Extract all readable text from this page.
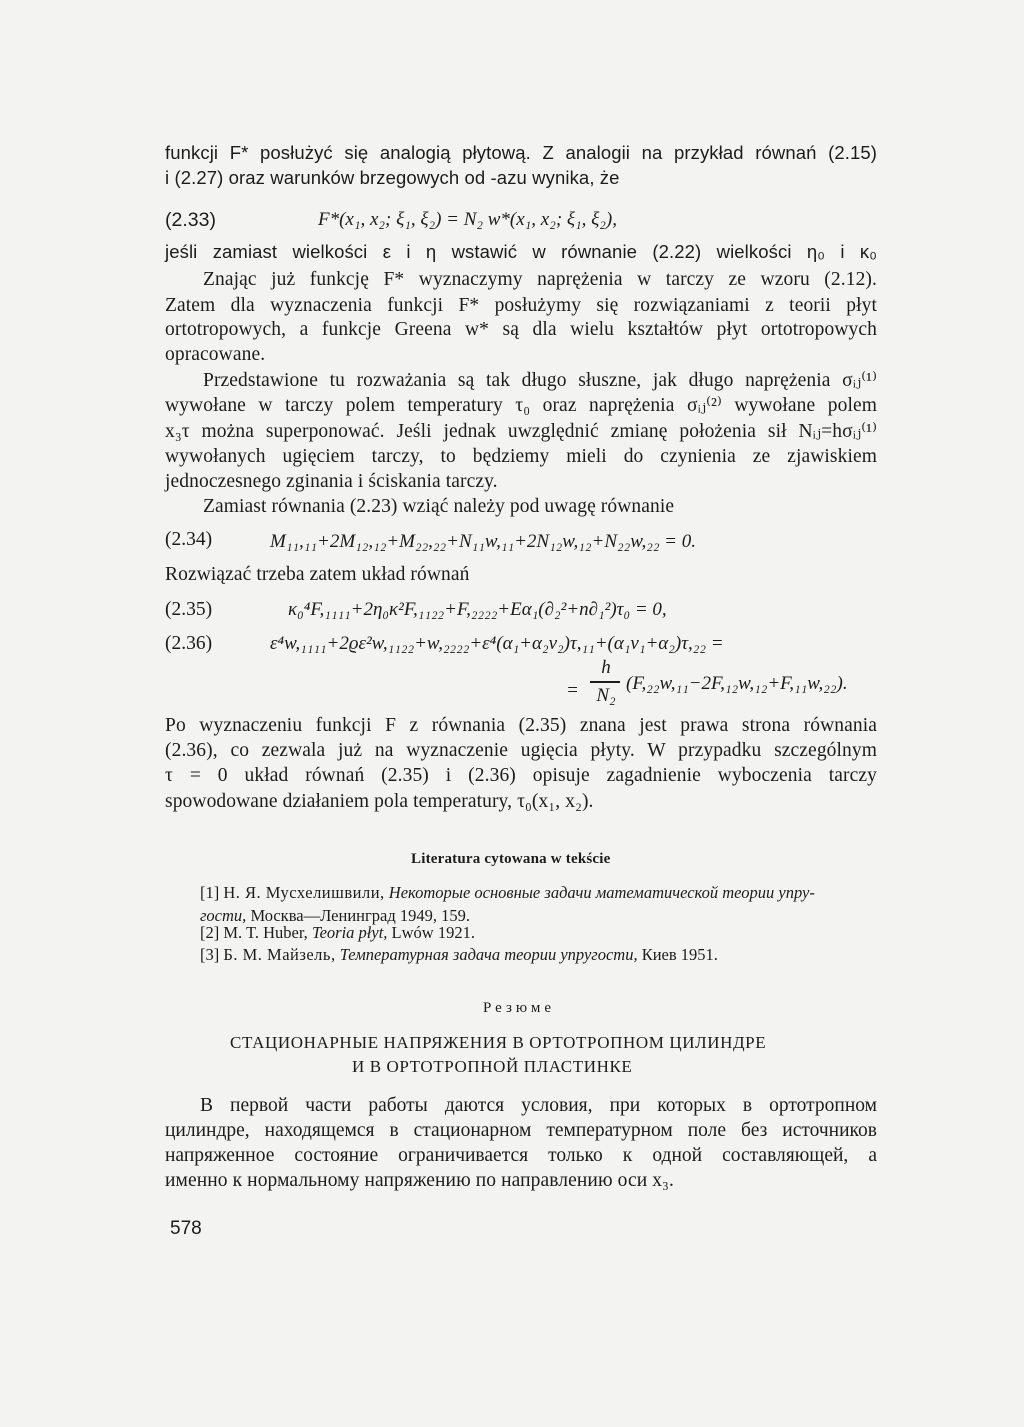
funkcji F* posłużyć się analogią płytową. Z analogii na przykład równań (2.15)
i (2.27) oraz warunków brzegowych od -azu wynika, że
(2.33)	F*(x₁, x₂; ξ₁, ξ₂) = N₂ w*(x₁, x₂; ξ₁, ξ₂),
jeśli zamiast wielkości ε i η wstawić w równanie (2.22) wielkości η₀ i κ₀
Znając już funkcję F* wyznaczymy naprężenia w tarczy ze wzoru (2.12).
Zatem dla wyznaczenia funkcji F* posłużymy się rozwiązaniami z teorii płyt
ortotropowych, a funkcje Greena w* są dla wielu kształtów płyt ortotropowych
opracowane.
Przedstawione tu rozważania są tak długo słuszne, jak długo naprężenia σᵢⱼ⁽¹⁾
wywołane w tarczy polem temperatury τ₀ oraz naprężenia σᵢⱼ⁽²⁾ wywołane polem
x₃τ można superponować. Jeśli jednak uwzględnić zmianę położenia sił Nᵢⱼ=hσᵢⱼ⁽¹⁾
wywołanych ugięciem tarczy, to będziemy mieli do czynienia ze zjawiskiem
jednoczesnego zginania i ściskania tarczy.
Zamiast równania (2.23) wziąć należy pod uwagę równanie
(2.34)	M₁₁,₁₁+2M₁₂,₁₂+M₂₂,₂₂+N₁₁w,₁₁+2N₁₂w,₁₂+N₂₂w,₂₂ = 0.
Rozwiązać trzeba zatem układ równań
(2.35)	κ₀⁴F,₁₁₁₁+2η₀κ²F,₁₁₂₂+F,₂₂₂₂+Eα₁(∂₂²+n∂₁²)τ₀ = 0,
(2.36)	ε⁴w,₁₁₁₁+2ϱε²w,₁₁₂₂+w,₂₂₂₂+ε⁴(α₁+α₂ν₂)τ,₁₁+(α₁ν₁+α₂)τ,₂₂ =
=
h
N₂
(F,₂₂w,₁₁−2F,₁₂w,₁₂+F,₁₁w,₂₂).
Po wyznaczeniu funkcji F z równania (2.35) znana jest prawa strona równania
(2.36), co zezwala już na wyznaczenie ugięcia płyty. W przypadku szczególnym
τ = 0 układ równań (2.35) i (2.36) opisuje zagadnienie wyboczenia tarczy
spowodowane działaniem pola temperatury, τ₀(x₁, x₂).
Literatura cytowana w tekście
[1] Н. Я. Мусхелишвили, Некоторые основные задачи математической теории упру-
гости, Москва—Ленинград 1949, 159.
[2] M. T. Huber, Teoria płyt, Lwów 1921.
[3] Б. М. Майзель, Температурная задача теории упругости, Киев 1951.
Резюме
СТАЦИОНАРНЫЕ НАПРЯЖЕНИЯ В ОРТОТРОПНОМ ЦИЛИНДРЕ
И В ОРТОТРОПНОЙ ПЛАСТИНКЕ
В первой части работы даются условия, при которых в ортотропном
цилиндре, находящемся в стационарном температурном поле без источников
напряженное состояние ограничивается только к одной составляющей, а
именно к нормальному напряжению по направлению оси x₃.
578
